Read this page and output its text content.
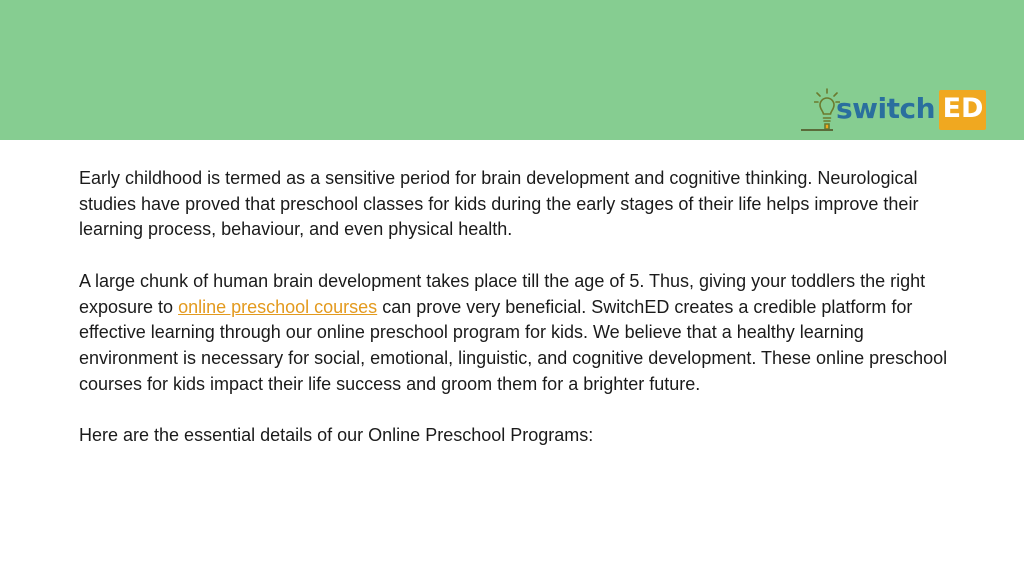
switch ED

Early childhood is termed as a sensitive period for brain development and cognitive thinking. Neurological studies have proved that preschool classes for kids during the early stages of their life helps improve their learning process, behaviour, and even physical health.

A large chunk of human brain development takes place till the age of 5. Thus, giving your toddlers the right exposure to online preschool courses can prove very beneficial. SwitchED creates a credible platform for effective learning through our online preschool program for kids. We believe that a healthy learning environment is necessary for social, emotional, linguistic, and cognitive development. These online preschool courses for kids impact their life success and groom them for a brighter future.

Here are the essential details of our Online Preschool Programs:
